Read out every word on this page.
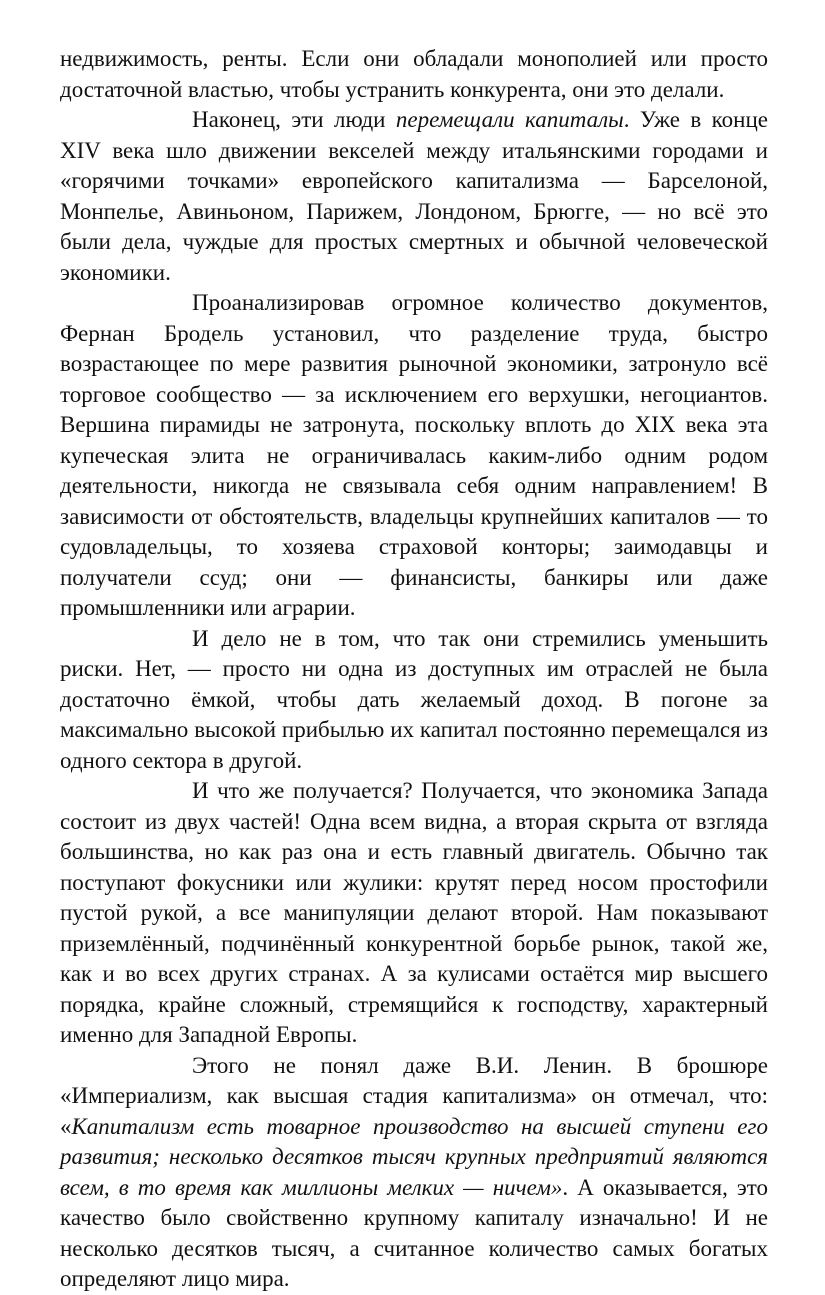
недвижимость, ренты. Если они обладали монополией или просто достаточной властью, чтобы устранить конкурента, они это делали.

Наконец, эти люди перемещали капиталы. Уже в конце XIV века шло движении векселей между итальянскими городами и «горячими точками» европейского капитализма — Барселоной, Монпелье, Авиньоном, Парижем, Лондоном, Брюгге, — но всё это были дела, чуждые для простых смертных и обычной человеческой экономики.

Проанализировав огромное количество документов, Фернан Бродель установил, что разделение труда, быстро возрастающее по мере развития рыночной экономики, затронуло всё торговое сообщество — за исключением его верхушки, негоциантов. Вершина пирамиды не затронута, поскольку вплоть до XIX века эта купеческая элита не ограничивалась каким-либо одним родом деятельности, никогда не связывала себя одним направлением! В зависимости от обстоятельств, владельцы крупнейших капиталов — то судовладельцы, то хозяева страховой конторы; заимодавцы и получатели ссуд; они — финансисты, банкиры или даже промышленники или аграрии.

И дело не в том, что так они стремились уменьшить риски. Нет, — просто ни одна из доступных им отраслей не была достаточно ёмкой, чтобы дать желаемый доход. В погоне за максимально высокой прибылью их капитал постоянно перемещался из одного сектора в другой.

И что же получается? Получается, что экономика Запада состоит из двух частей! Одна всем видна, а вторая скрыта от взгляда большинства, но как раз она и есть главный двигатель. Обычно так поступают фокусники или жулики: крутят перед носом простофили пустой рукой, а все манипуляции делают второй. Нам показывают приземлённый, подчинённый конкурентной борьбе рынок, такой же, как и во всех других странах. А за кулисами остаётся мир высшего порядка, крайне сложный, стремящийся к господству, характерный именно для Западной Европы.

Этого не понял даже В.И. Ленин. В брошюре «Империализм, как высшая стадия капитализма» он отмечал, что: «Капитализм есть товарное производство на высшей ступени его развития; несколько десятков тысяч крупных предприятий являются всем, в то время как миллионы мелких — ничем». А оказывается, это качество было свойственно крупному капиталу изначально! И не несколько десятков тысяч, а считанное количество самых богатых определяют лицо мира.
